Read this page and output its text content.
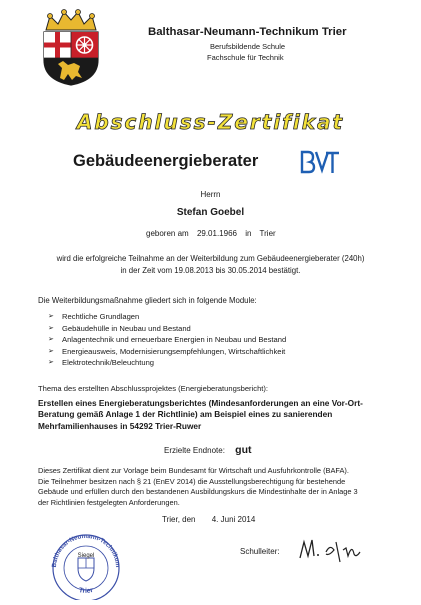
Balthasar-Neumann-Technikum Trier
Berufsbildende Schule
Fachschule für Technik
Abschluss-Zertifikat
Gebäudeenergieberater
Herrn
Stefan Goebel
geboren am 29.01.1966 in Trier
wird die erfolgreiche Teilnahme an der Weiterbildung zum Gebäudeenergieberater (240h)
in der Zeit vom 19.08.2013 bis 30.05.2014 bestätigt.
Die Weiterbildungsmaßnahme gliedert sich in folgende Module:
➢ Rechtliche Grundlagen
➢ Gebäudehülle in Neubau und Bestand
➢ Anlagentechnik und erneuerbare Energien in Neubau und Bestand
➢ Energieausweis, Modernisierungsempfehlungen, Wirtschaftlichkeit
➢ Elektrotechnik/Beleuchtung
Thema des erstellten Abschlussprojektes (Energieberatungsbericht):
Erstellen eines Energieberatungsberichtes (Mindesanforderungen an eine Vor-Ort-
Beratung gemäß Anlage 1 der Richtlinie) am Beispiel eines zu sanierenden
Mehrfamilienhauses in 54292 Trier-Ruwer
Erzielte Endnote: gut
Dieses Zertifikat dient zur Vorlage beim Bundesamt für Wirtschaft und Ausfuhrkontrolle (BAFA).
Die Teilnehmer besitzen nach § 21 (EnEV 2014) die Ausstellungsberechtigung für bestehende
Gebäude und erfüllen durch den bestandenen Ausbildungskurs die Mindestinhalte der in Anlage 3
der Richtlinien festgelegten Anforderungen.
Trier, den 4. Juni 2014
Schulleiter:
Balthasar-Neumann-Technikum
Trier
Siegel
